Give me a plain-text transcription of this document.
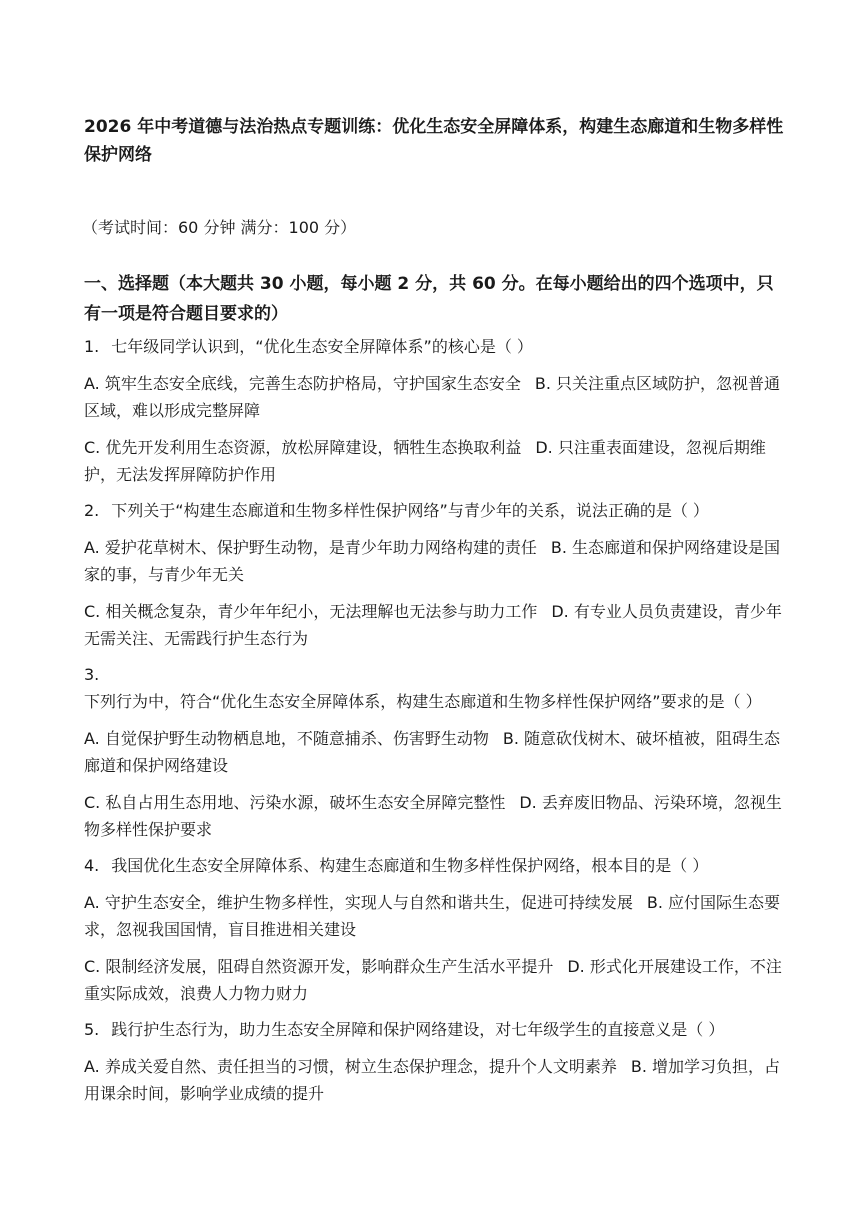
2026 年中考道德与法治热点专题训练：优化生态安全屏障体系，构建生态廊道和生物多样性保护网络

（考试时间：60 分钟 满分：100 分）

一、选择题（本大题共 30 小题，每小题 2 分，共 60 分。在每小题给出的四个选项中，只有一项是符合题目要求的）

1. 七年级同学认识到，“优化生态安全屏障体系”的核心是（ ）

A. 筑牢生态安全底线，完善生态防护格局，守护国家生态安全 B. 只关注重点区域防护，忽视普通区域，难以形成完整屏障

C. 优先开发利用生态资源，放松屏障建设，牺牲生态换取利益 D. 只注重表面建设，忽视后期维护，无法发挥屏障防护作用

2. 下列关于“构建生态廊道和生物多样性保护网络”与青少年的关系，说法正确的是（ ）

A. 爱护花草树木、保护野生动物，是青少年助力网络构建的责任 B. 生态廊道和保护网络建设是国家的事，与青少年无关

C. 相关概念复杂，青少年年纪小，无法理解也无法参与助力工作 D. 有专业人员负责建设，青少年无需关注、无需践行护生态行为

3.下列行为中，符合“优化生态安全屏障体系，构建生态廊道和生物多样性保护网络”要求的是（ ）

A. 自觉保护野生动物栖息地，不随意捕杀、伤害野生动物 B. 随意砍伐树木、破坏植被，阻碍生态廊道和保护网络建设

C. 私自占用生态用地、污染水源，破坏生态安全屏障完整性 D. 丢弃废旧物品、污染环境，忽视生物多样性保护要求

4. 我国优化生态安全屏障体系、构建生态廊道和生物多样性保护网络，根本目的是（ ）

A. 守护生态安全，维护生物多样性，实现人与自然和谐共生，促进可持续发展 B. 应付国际生态要求，忽视我国国情，盲目推进相关建设

C. 限制经济发展，阻碍自然资源开发，影响群众生产生活水平提升 D. 形式化开展建设工作，不注重实际成效，浪费人力物力财力

5. 践行护生态行为，助力生态安全屏障和保护网络建设，对七年级学生的直接意义是（ ）

A. 养成关爱自然、责任担当的习惯，树立生态保护理念，提升个人文明素养 B. 增加学习负担，占用课余时间，影响学业成绩的提升
